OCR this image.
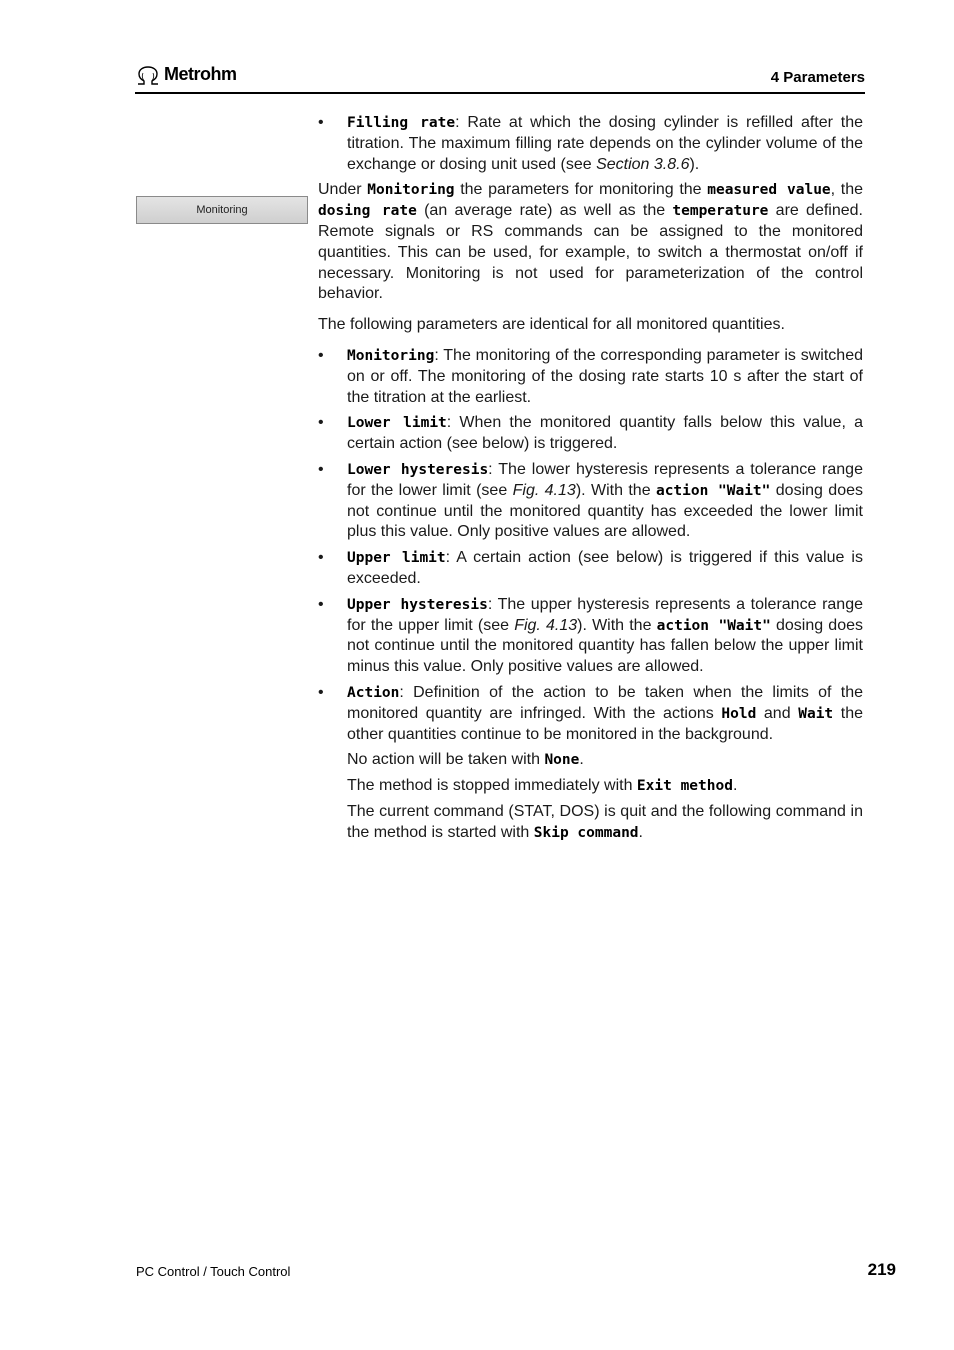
Metrohm	4 Parameters
Monitoring
• Filling rate: Rate at which the dosing cylinder is refilled after the titration. The maximum filling rate depends on the cylinder volume of the exchange or dosing unit used (see Section 3.8.6).

Under Monitoring the parameters for monitoring the measured value, the dosing rate (an average rate) as well as the temperature are defined. Remote signals or RS commands can be assigned to the monitored quantities. This can be used, for example, to switch a thermostat on/off if necessary. Monitoring is not used for parameterization of the control behavior.

The following parameters are identical for all monitored quantities.

• Monitoring: The monitoring of the corresponding parameter is switched on or off. The monitoring of the dosing rate starts 10 s after the start of the titration at the earliest.
• Lower limit: When the monitored quantity falls below this value, a certain action (see below) is triggered.
• Lower hysteresis: The lower hysteresis represents a tolerance range for the lower limit (see Fig. 4.13). With the action "Wait" dosing does not continue until the monitored quantity has exceeded the lower limit plus this value. Only positive values are allowed.
• Upper limit: A certain action (see below) is triggered if this value is exceeded.
• Upper hysteresis: The upper hysteresis represents a tolerance range for the upper limit (see Fig. 4.13). With the action "Wait" dosing does not continue until the monitored quantity has fallen below the upper limit minus this value. Only positive values are allowed.
• Action: Definition of the action to be taken when the limits of the monitored quantity are infringed. With the actions Hold and Wait the other quantities continue to be monitored in the background.

No action will be taken with None.

The method is stopped immediately with Exit method.

The current command (STAT, DOS) is quit and the following command in the method is started with Skip command.

PC Control / Touch Control	219
